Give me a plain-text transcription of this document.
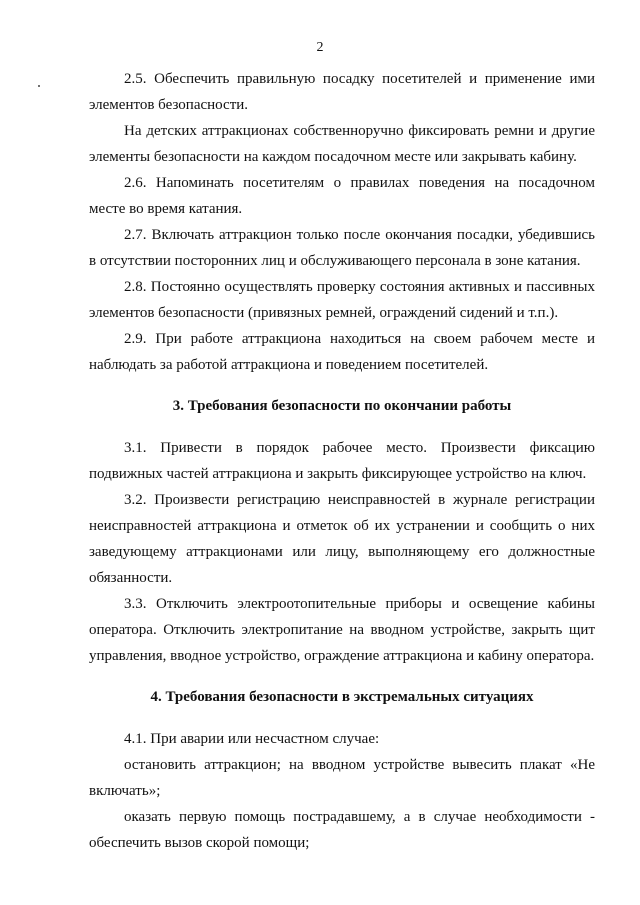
2

2.5. Обеспечить правильную посадку посетителей и применение ими элементов безопасности.

На детских аттракционах собственноручно фиксировать ремни и другие элементы безопасности на каждом посадочном месте или закрывать кабину.

2.6. Напоминать посетителям о правилах поведения на посадочном месте во время катания.

2.7. Включать аттракцион только после окончания посадки, убедившись в отсутствии посторонних лиц и обслуживающего персонала в зоне катания.

2.8. Постоянно осуществлять проверку состояния активных и пассивных элементов безопасности (привязных ремней, ограждений сидений и т.п.).

2.9. При работе аттракциона находиться на своем рабочем месте и наблюдать за работой аттракциона и поведением посетителей.

3. Требования безопасности по окончании работы

3.1. Привести в порядок рабочее место. Произвести фиксацию подвижных частей аттракциона и закрыть фиксирующее устройство на ключ.

3.2. Произвести регистрацию неисправностей в журнале регистрации неисправностей аттракциона и отметок об их устранении и сообщить о них заведующему аттракционами или лицу, выполняющему его должностные обязанности.

3.3. Отключить электроотопительные приборы и освещение кабины оператора. Отключить электропитание на вводном устройстве, закрыть щит управления, вводное устройство, ограждение аттракциона и кабину оператора.

4. Требования безопасности в экстремальных ситуациях

4.1. При аварии или несчастном случае:

остановить аттракцион; на вводном устройстве вывесить плакат «Не включать»;

оказать первую помощь пострадавшему, а в случае необходимости - обеспечить вызов скорой помощи;
